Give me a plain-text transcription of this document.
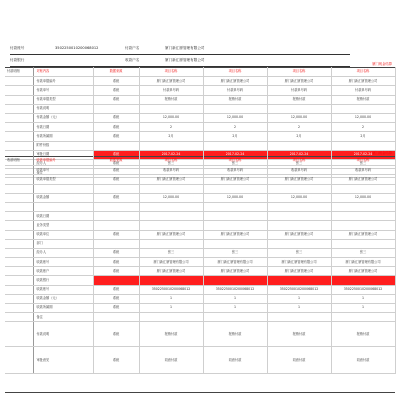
付款账号	3502250010200068012	付款户名	厦门新汇厦管理有限公司
付款银行	收款户名	厦门新汇厦管理有限公司
厦门现金结算
付款明细	对账内容	数据来源	项目名称	项目名称	项目名称	项目名称
	付款单据编号	系统	厦门新汇厦管理公司	厦门新汇厦管理公司	厦门新汇厦管理公司	厦门新汇厦管理公司
	付款单号	系统	付款单号码	付款单号码	付款单号码	付款单号码
	付款单据类型	系统	报销付款	报销付款	报销付款	报销付款
	付款说明					
	付款金额（元）	系统	12,000.00	12,000.00	12,000.00	12,000.00
	付款日期	系统	2	2	2	2
	付款所属期	系统	2月	2月	2月	2月
	附件份数					
	审批日期	系统	2017-02-24	2017-02-24	2017-02-24	2017-02-24
	经办人	系统	张三	张三	张三	张三
	备注					
厦门现金结算
收款明细	收款单据编号	数据来源	项目名称	项目名称	项目名称	项目名称
	收款单号	系统	收款单号码	收款单号码	收款单号码	收款单号码
	收款单据类型	系统	厦门新汇厦管理公司	厦门新汇厦管理公司	厦门新汇厦管理公司	厦门新汇厦管理公司

	收款金额	系统	12,000.00	12,000.00	12,000.00	12,000.00

	收款日期					
	业务类型					
	收款单位	系统	厦门新汇厦管理公司	厦门新汇厦管理公司	厦门新汇厦管理公司	厦门新汇厦管理公司
	部门					
	经办人	系统	张三	张三	张三	张三
	收款账号	系统	厦门新汇厦管理有限公司	厦门新汇厦管理有限公司	厦门新汇厦管理有限公司	厦门新汇厦管理有限公司
	收款账户	系统	厦门新汇厦管理公司	厦门新汇厦管理公司	厦门新汇厦管理公司	厦门新汇厦管理公司
	收款银行					
	收款账号	系统	3502250010200068012	3502250010200068012	3502250010200068012	3502250010200068012
	收款金额（元）	系统	1	1	1	1
	收款所属期	系统	1	1	1	1
	备注					
	付款说明	系统	报销付款	报销付款	报销付款	报销付款
	审批意见	系统	同意付款	同意付款	同意付款	同意付款
